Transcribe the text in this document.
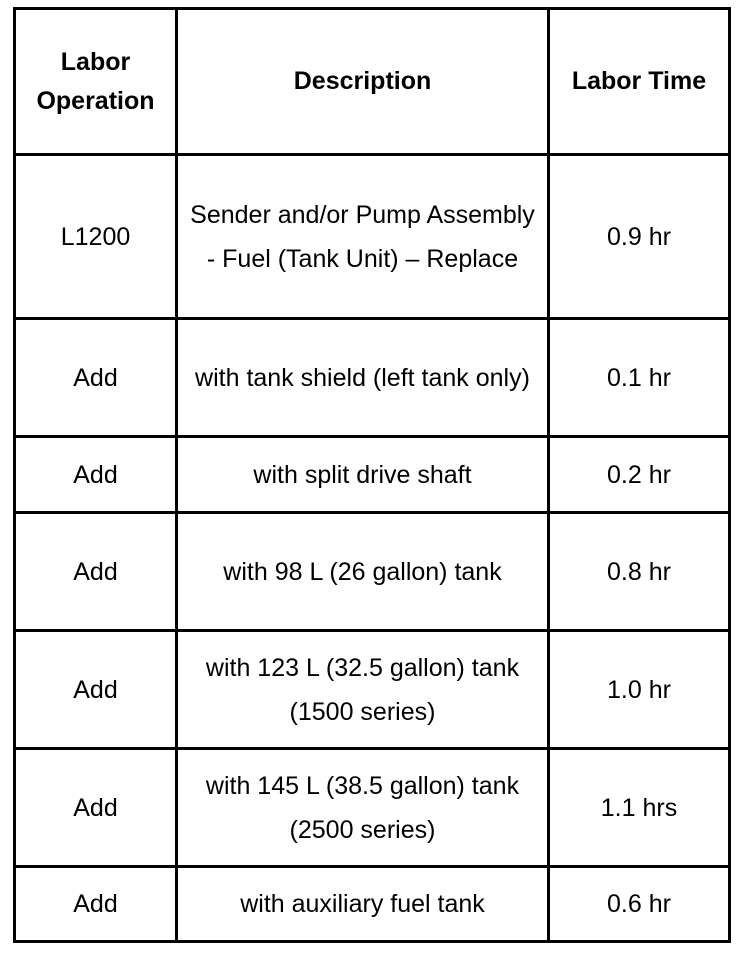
Labor Operation	Description	Labor Time
L1200	Sender and/or Pump Assembly - Fuel (Tank Unit) – Replace	0.9 hr
Add	with tank shield (left tank only)	0.1 hr
Add	with split drive shaft	0.2 hr
Add	with 98 L (26 gallon) tank	0.8 hr
Add	with 123 L (32.5 gallon) tank (1500 series)	1.0 hr
Add	with 145 L (38.5 gallon) tank (2500 series)	1.1 hrs
Add	with auxiliary fuel tank	0.6 hr
